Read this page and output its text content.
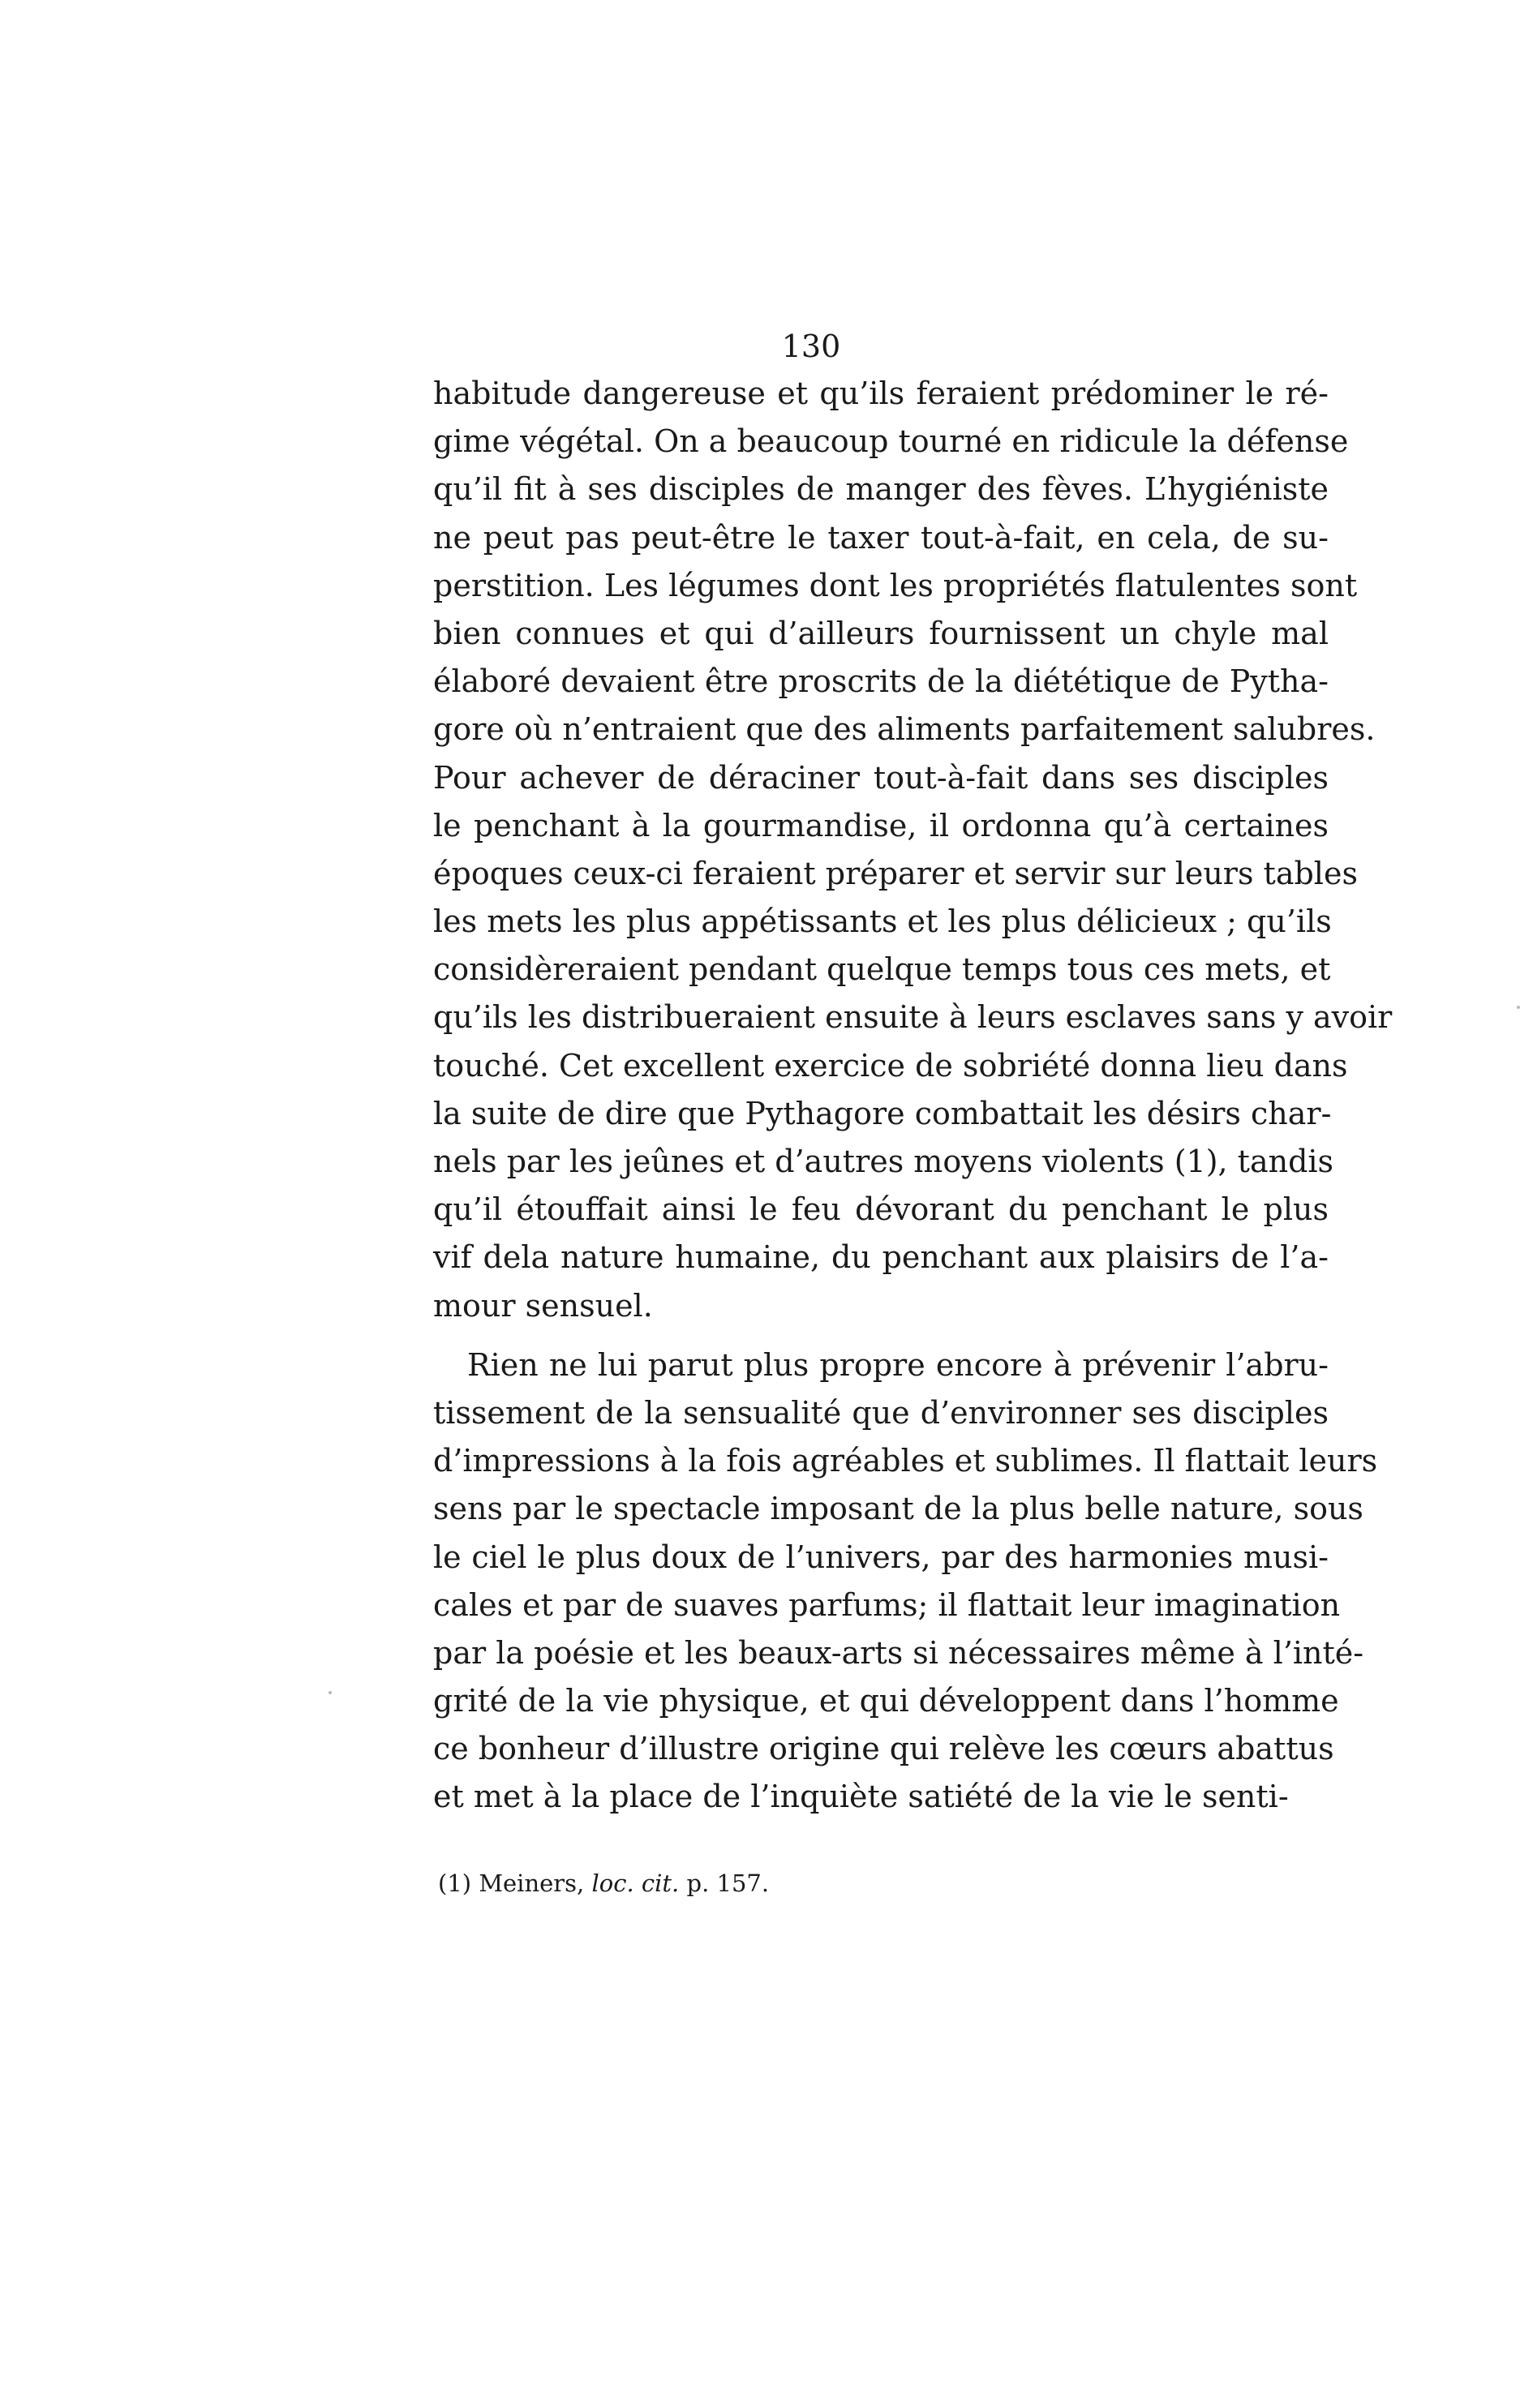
130
habitude dangereuse et qu’ils feraient prédominer le ré-
gime végétal. On a beaucoup tourné en ridicule la défense
qu’il fit à ses disciples de manger des fèves. L’hygiéniste
ne peut pas peut-être le taxer tout-à-fait, en cela, de su-
perstition. Les légumes dont les propriétés flatulentes sont
bien connues et qui d’ailleurs fournissent un chyle mal
élaboré devaient être proscrits de la diététique de Pytha-
gore où n’entraient que des aliments parfaitement salubres.
Pour achever de déraciner tout-à-fait dans ses disciples
le penchant à la gourmandise, il ordonna qu’à certaines
époques ceux-ci feraient préparer et servir sur leurs tables
les mets les plus appétissants et les plus délicieux ; qu’ils
considèreraient pendant quelque temps tous ces mets, et
qu’ils les distribueraient ensuite à leurs esclaves sans y avoir
touché. Cet excellent exercice de sobriété donna lieu dans
la suite de dire que Pythagore combattait les désirs char-
nels par les jeûnes et d’autres moyens violents (1), tandis
qu’il étouffait ainsi le feu dévorant du penchant le plus
vif dela nature humaine, du penchant aux plaisirs de l’a-
mour sensuel.
Rien ne lui parut plus propre encore à prévenir l’abru-
tissement de la sensualité que d’environner ses disciples
d’impressions à la fois agréables et sublimes. Il flattait leurs
sens par le spectacle imposant de la plus belle nature, sous
le ciel le plus doux de l’univers, par des harmonies musi-
cales et par de suaves parfums; il flattait leur imagination
par la poésie et les beaux-arts si nécessaires même à l’inté-
grité de la vie physique, et qui développent dans l’homme
ce bonheur d’illustre origine qui relève les cœurs abattus
et met à la place de l’inquiète satiété de la vie le senti-
(1) Meiners, loc. cit. p. 157.
